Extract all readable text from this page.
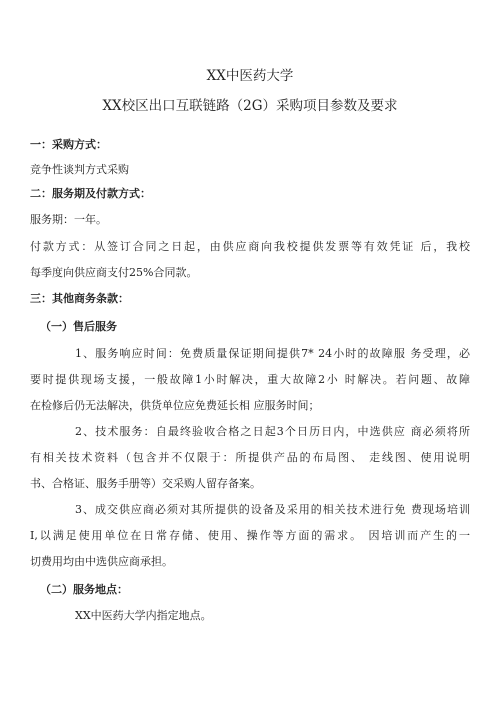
XX中医药大学
XX校区出口互联链路（2G）采购项目参数及要求
一：采购方式：
竞争性谈判方式采购
二：服务期及付款方式：
服务期：一年。
付款方式：从签订合同之日起，由供应商向我校提供发票等有效凭证 后，我校
每季度向供应商支付25%合同款。
三：其他商务条款：
（一）售后服务
1、服务响应时间：免费质量保证期间提供7* 24小时的故障服 务受理，必
要时提供现场支援，一般故障1小时解决，重大故障2小 时解决。若问题、故障
在检修后仍无法解决，供货单位应免费延长相 应服务时间；
2、技术服务：自最终验收合格之日起3个日历日内，中选供应 商必须将所
有相关技术资料（包含并不仅限于：所提供产品的布局图、 走线图、使用说明
书、合格证、服务手册等）交采购人留存备案。
3、成交供应商必须对其所提供的设备及采用的相关技术进行免 费现场培训
I,以满足使用单位在日常存储、使用、操作等方面的需求。 因培训而产生的一
切费用均由中选供应商承担。
（二）服务地点：
XX中医药大学内指定地点。
